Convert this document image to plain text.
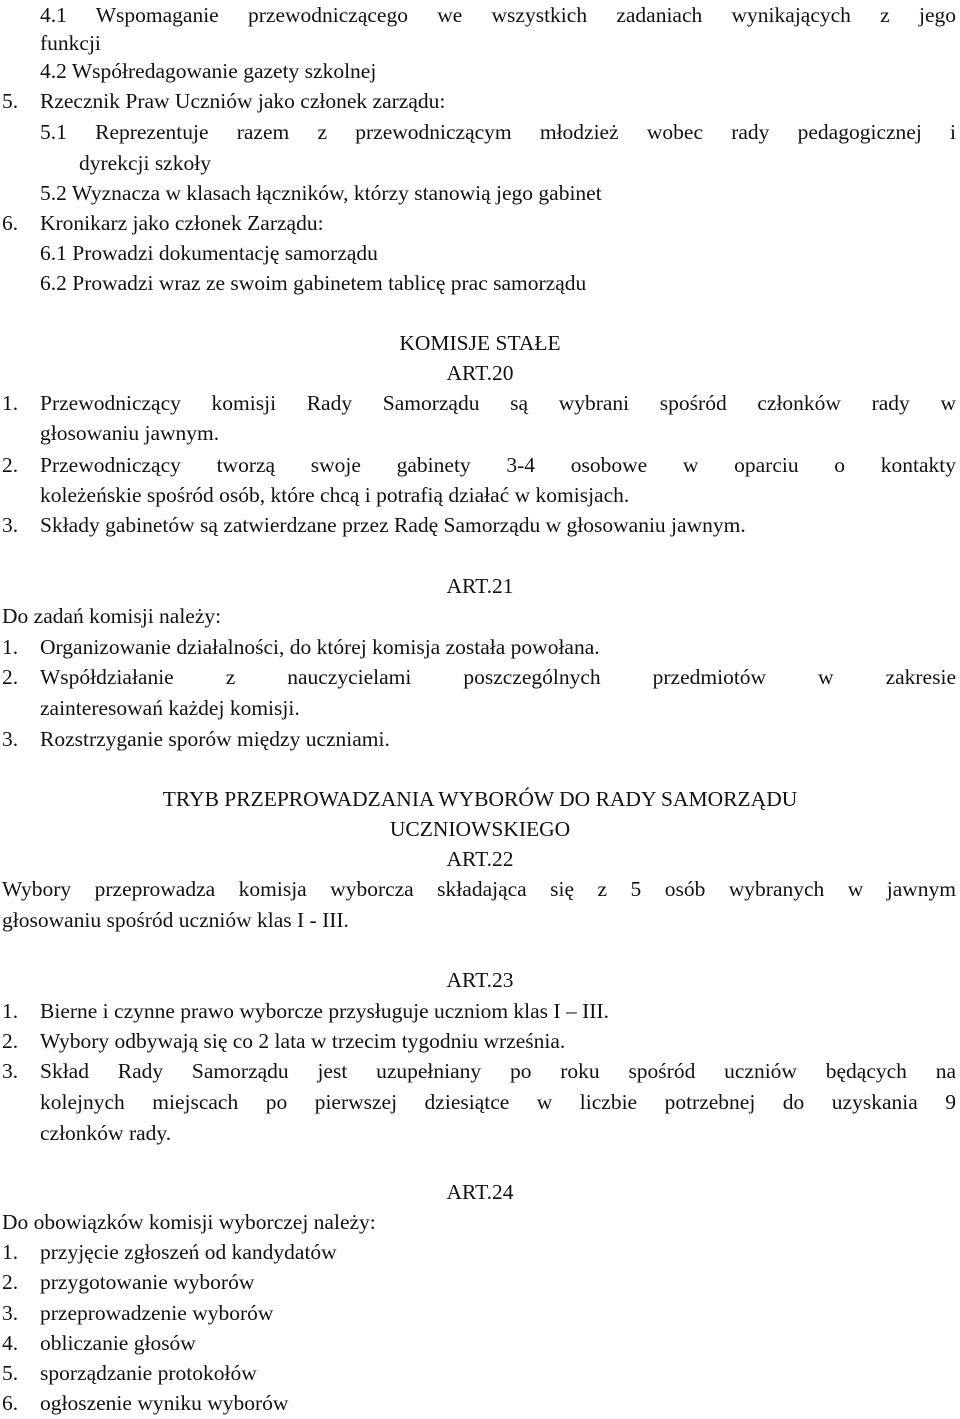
4.1 Wspomaganie przewodniczącego we wszystkich zadaniach wynikających z jego
funkcji
4.2 Współredagowanie gazety szkolnej
5. Rzecznik Praw Uczniów jako członek zarządu:
5.1 Reprezentuje razem z przewodniczącym młodzież wobec rady pedagogicznej i
dyrekcji szkoły
5.2 Wyznacza w klasach łączników, którzy stanowią jego gabinet
6. Kronikarz jako członek Zarządu:
6.1 Prowadzi dokumentację samorządu
6.2 Prowadzi wraz ze swoim gabinetem tablicę prac samorządu
KOMISJE STAŁE
ART.20
1. Przewodniczący komisji Rady Samorządu są wybrani spośród członków rady w
głosowaniu jawnym.
2. Przewodniczący tworzą swoje gabinety 3-4 osobowe w oparciu o kontakty
koleżeńskie spośród osób, które chcą i potrafią działać w komisjach.
3. Składy gabinetów są zatwierdzane przez Radę Samorządu w głosowaniu jawnym.
ART.21
Do zadań komisji należy:
1. Organizowanie działalności, do której komisja została powołana.
2. Współdziałanie z nauczycielami poszczególnych przedmiotów w zakresie
zainteresowań każdej komisji.
3. Rozstrzyganie sporów między uczniami.
TRYB PRZEPROWADZANIA WYBORÓW DO RADY SAMORZĄDU
UCZNIOWSKIEGO
ART.22
Wybory przeprowadza komisja wyborcza składająca się z 5 osób wybranych w jawnym
głosowaniu spośród uczniów klas I - III.
ART.23
1. Bierne i czynne prawo wyborcze przysługuje uczniom klas I – III.
2. Wybory odbywają się co 2 lata w trzecim tygodniu września.
3. Skład Rady Samorządu jest uzupełniany po roku spośród uczniów będących na
kolejnych miejscach po pierwszej dziesiątce w liczbie potrzebnej do uzyskania 9
członków rady.
ART.24
Do obowiązków komisji wyborczej należy:
1. przyjęcie zgłoszeń od kandydatów
2. przygotowanie wyborów
3. przeprowadzenie wyborów
4. obliczanie głosów
5. sporządzanie protokołów
6. ogłoszenie wyniku wyborów
